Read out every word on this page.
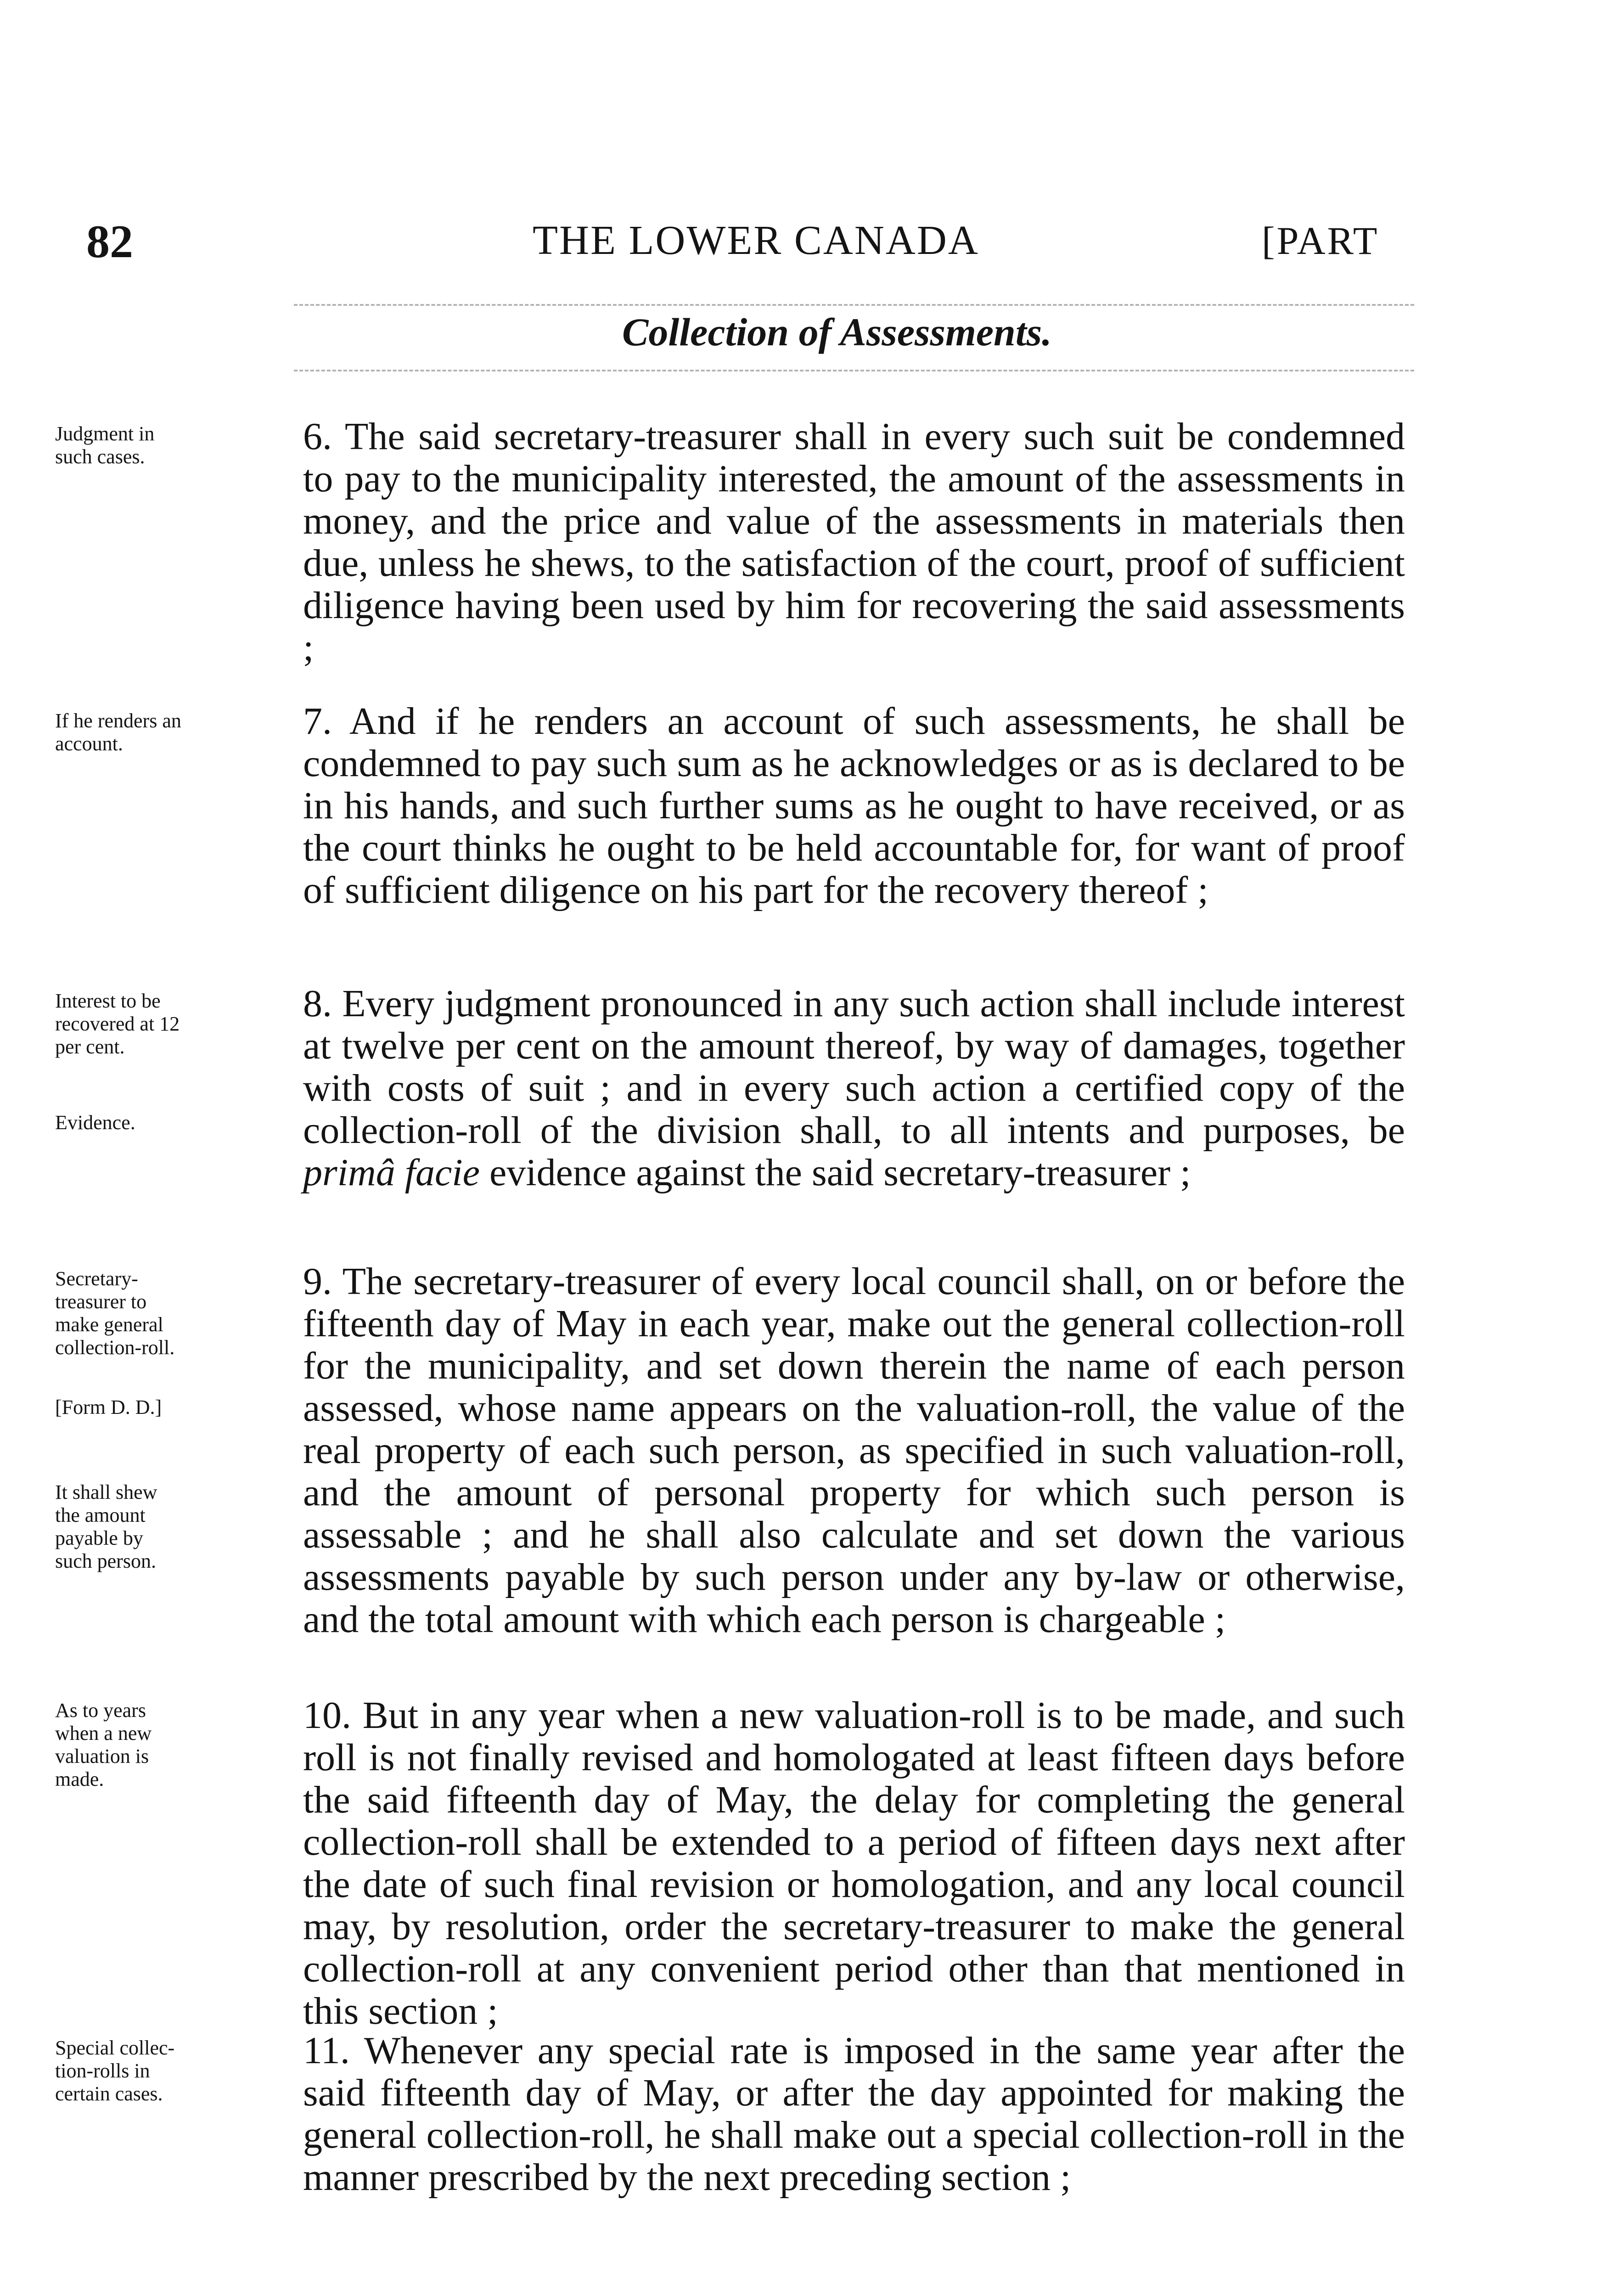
82	THE LOWER CANADA	[PART
Collection of Assessments.
Judgment in
such cases.
If he renders an
account.
Interest to be
recovered at 12
per cent.
Evidence.
Secretary-
treasurer to
make general
collection-roll.
[Form D. D.]
It shall shew
the amount
payable by
such person.
As to years
when a new
valuation is
made.
Special collec-
tion-rolls in
certain cases.
6. The said secretary-treasurer shall in every such suit be condemned to pay to the municipality interested, the amount of the assessments in money, and the price and value of the assessments in materials then due, unless he shews, to the satisfaction of the court, proof of sufficient diligence having been used by him for recovering the said assessments ;
7. And if he renders an account of such assessments, he shall be condemned to pay such sum as he acknowledges or as is declared to be in his hands, and such further sums as he ought to have received, or as the court thinks he ought to be held accountable for, for want of proof of sufficient diligence on his part for the recovery thereof ;
8. Every judgment pronounced in any such action shall include interest at twelve per cent on the amount thereof, by way of damages, together with costs of suit ; and in every such action a certified copy of the collection-roll of the division shall, to all intents and purposes, be primâ facie evidence against the said secretary-treasurer ;
9. The secretary-treasurer of every local council shall, on or before the fifteenth day of May in each year, make out the general collection-roll for the municipality, and set down therein the name of each person assessed, whose name appears on the valuation-roll, the value of the real property of each such person, as specified in such valuation-roll, and the amount of personal property for which such person is assessable ; and he shall also calculate and set down the various assessments payable by such person under any by-law or otherwise, and the total amount with which each person is chargeable ;
10. But in any year when a new valuation-roll is to be made, and such roll is not finally revised and homologated at least fifteen days before the said fifteenth day of May, the delay for completing the general collection-roll shall be extended to a period of fifteen days next after the date of such final revision or homologation, and any local council may, by resolution, order the secretary-treasurer to make the general collection-roll at any convenient period other than that mentioned in this section ;
11. Whenever any special rate is imposed in the same year after the said fifteenth day of May, or after the day appointed for making the general collection-roll, he shall make out a special collection-roll in the manner prescribed by the next preceding section ;
